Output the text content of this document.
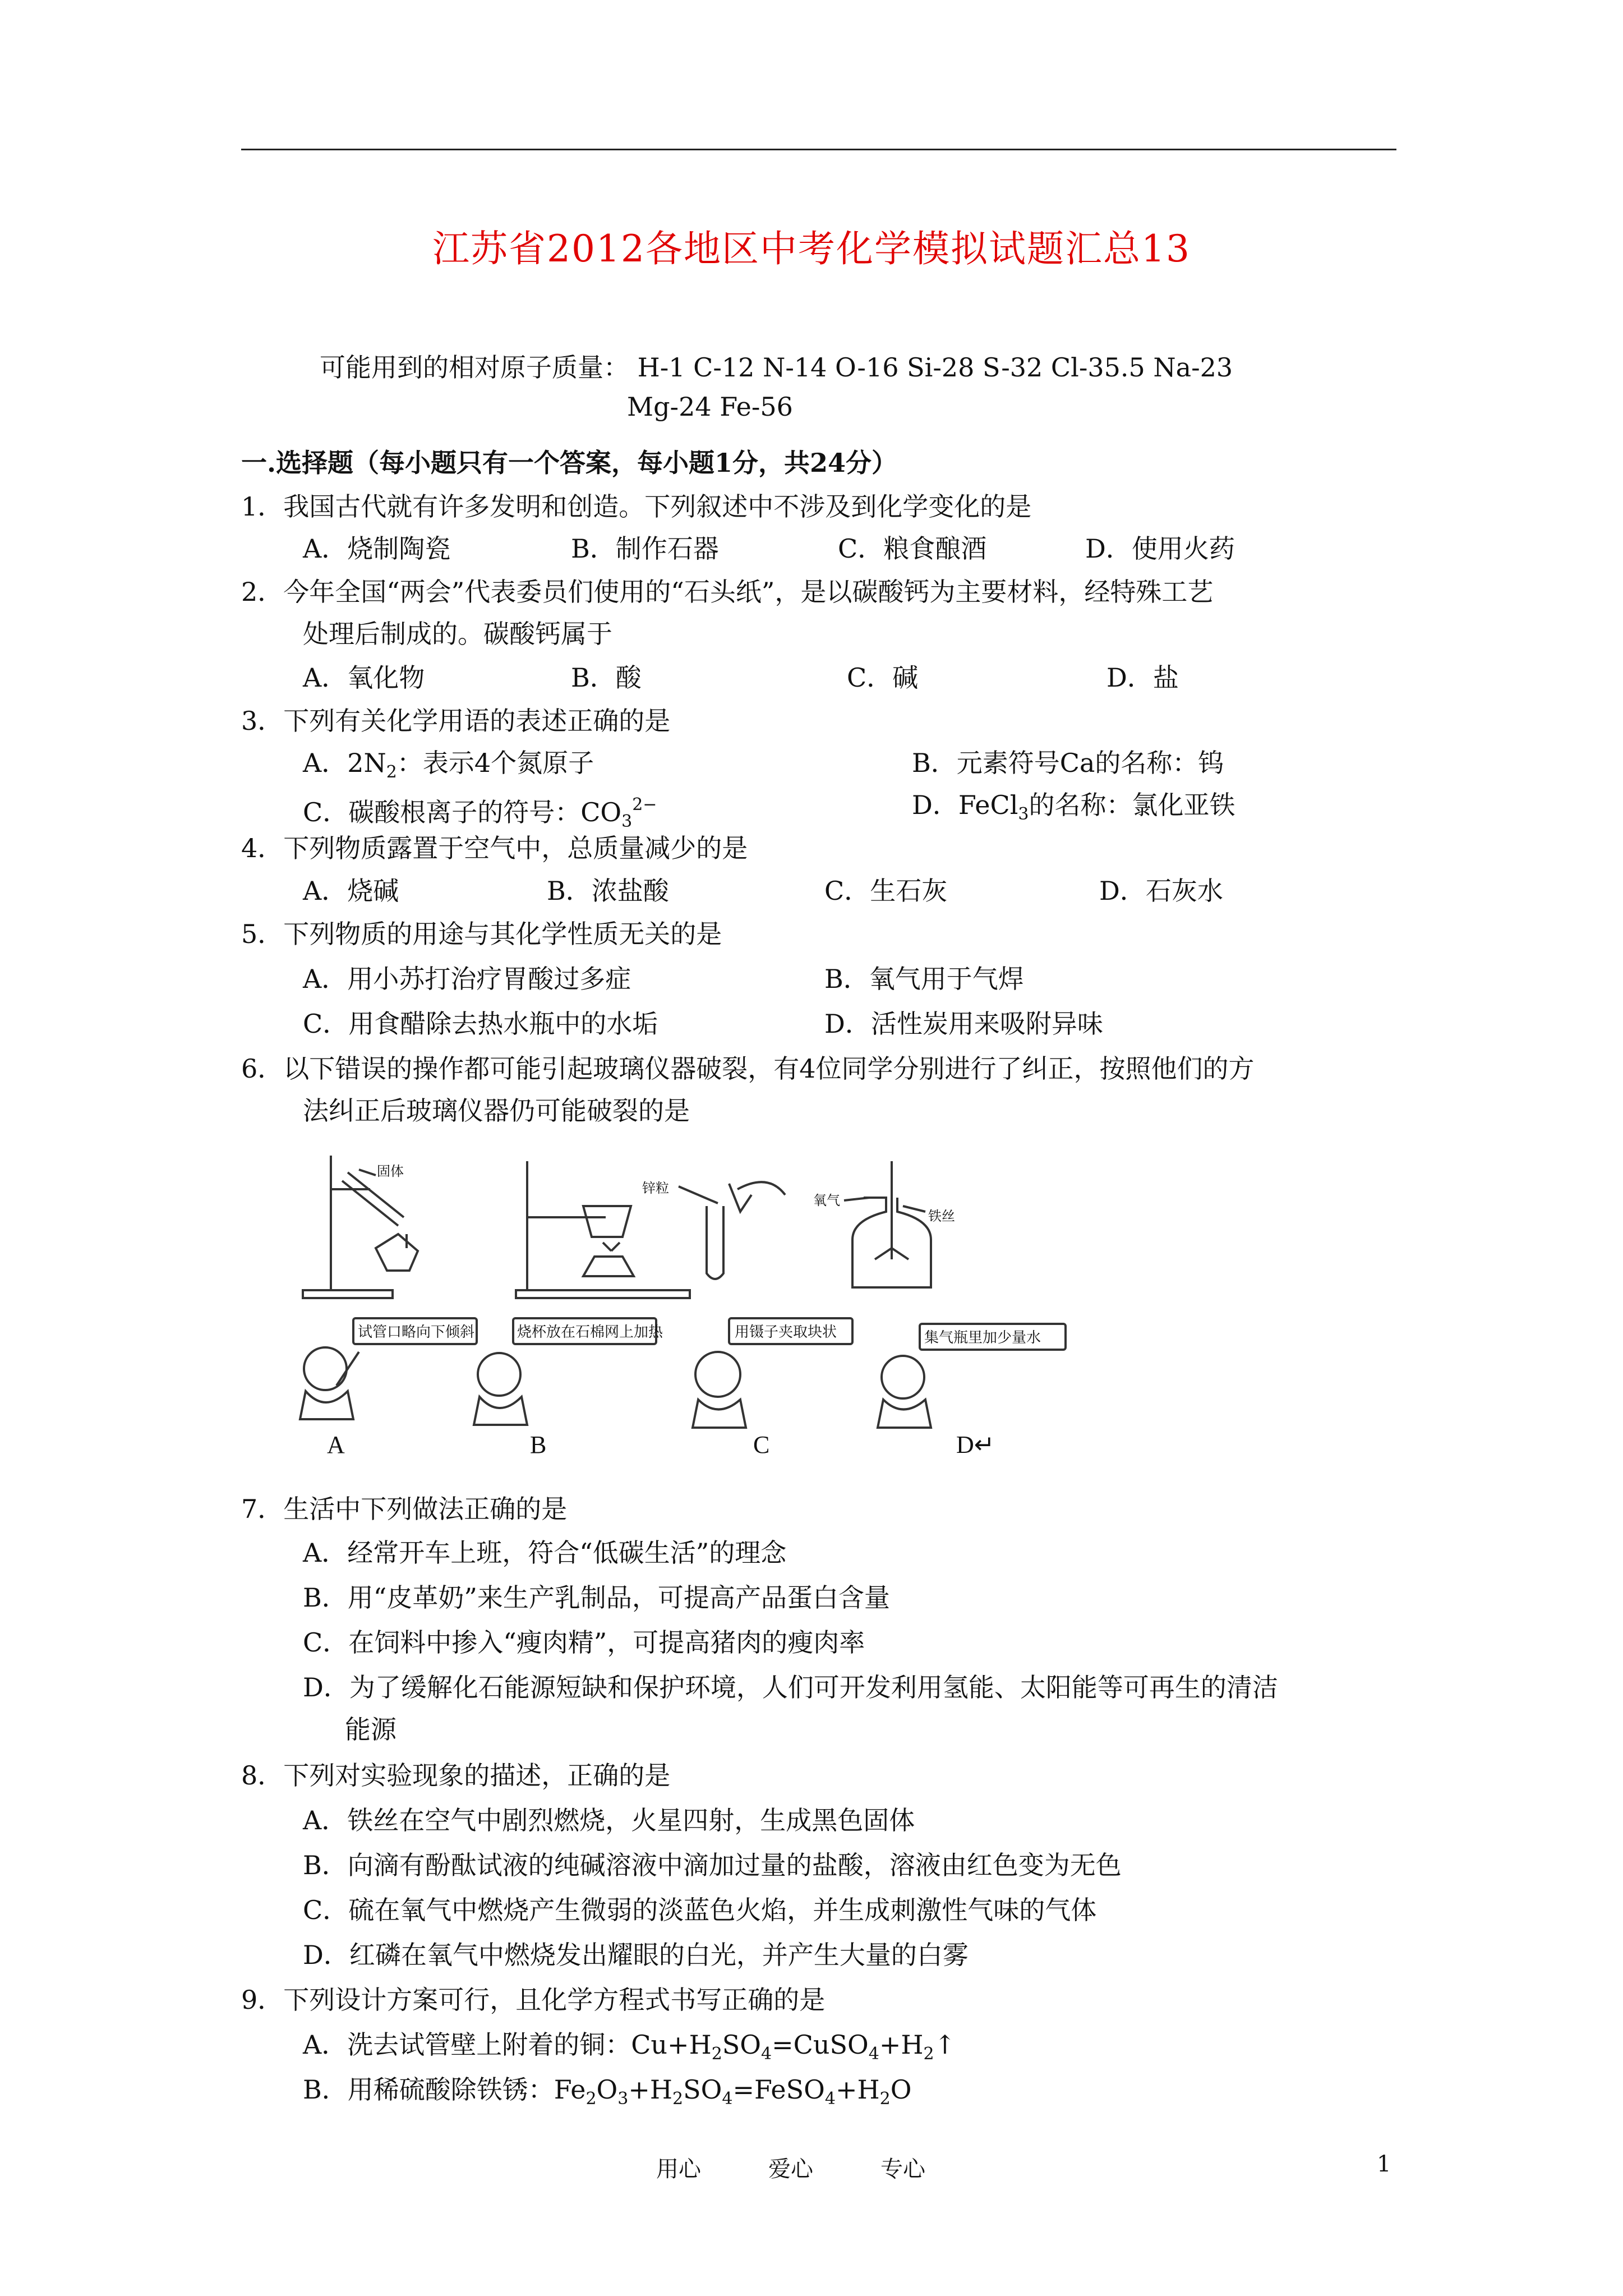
江苏省2012各地区中考化学模拟试题汇总13
可能用到的相对原子质量： H-1 C-12 N-14 O-16 Si-28 S-32 Cl-35.5 Na-23
Mg-24 Fe-56
一.选择题（每小题只有一个答案，每小题1分，共24分）
1．我国古代就有许多发明和创造。下列叙述中不涉及到化学变化的是
A．烧制陶瓷	B．制作石器	C．粮食酿酒	D．使用火药
2．今年全国“两会”代表委员们使用的“石头纸”，是以碳酸钙为主要材料，经特殊工艺
处理后制成的。碳酸钙属于
A．氧化物	B．酸	C．碱	D．盐
3．下列有关化学用语的表述正确的是
A．$2N_2$：表示4个氮原子	B．元素符号Ca的名称：钨
C．碳酸根离子的符号：$CO_3^{2-}$	D．FeCl$_3$的名称：氯化亚铁
4．下列物质露置于空气中，总质量减少的是
A．烧碱	B．浓盐酸	C．生石灰	D．石灰水
5．下列物质的用途与其化学性质无关的是
A．用小苏打治疗胃酸过多症	B．氧气用于气焊
C．用食醋除去热水瓶中的水垢	D．活性炭用来吸附异味
6．以下错误的操作都可能引起玻璃仪器破裂，有4位同学分别进行了纠正，按照他们的方
法纠正后玻璃仪器仍可能破裂的是
试管口略向下倾斜	烧杯放在石棉网上加热	用镊子夹取块状	集气瓶里加少量水
固体
锌粒
氧气
铁丝
A	B	C	D↵
7．生活中下列做法正确的是
A．经常开车上班，符合“低碳生活”的理念
B．用“皮革奶”来生产乳制品，可提高产品蛋白含量
C．在饲料中掺入“瘦肉精”，可提高猪肉的瘦肉率
D．为了缓解化石能源短缺和保护环境，人们可开发利用氢能、太阳能等可再生的清洁
能源
8．下列对实验现象的描述，正确的是
A．铁丝在空气中剧烈燃烧，火星四射，生成黑色固体
B．向滴有酚酞试液的纯碱溶液中滴加过量的盐酸，溶液由红色变为无色
C．硫在氧气中燃烧产生微弱的淡蓝色火焰，并生成刺激性气味的气体
D．红磷在氧气中燃烧发出耀眼的白光，并产生大量的白雾
9．下列设计方案可行，且化学方程式书写正确的是
A．洗去试管壁上附着的铜：$Cu+H_2SO_4=CuSO_4+H_2↑$
B．用稀硫酸除铁锈：$Fe_2O_3+H_2SO_4=FeSO_4+H_2O$
用心	爱心	专心	1
